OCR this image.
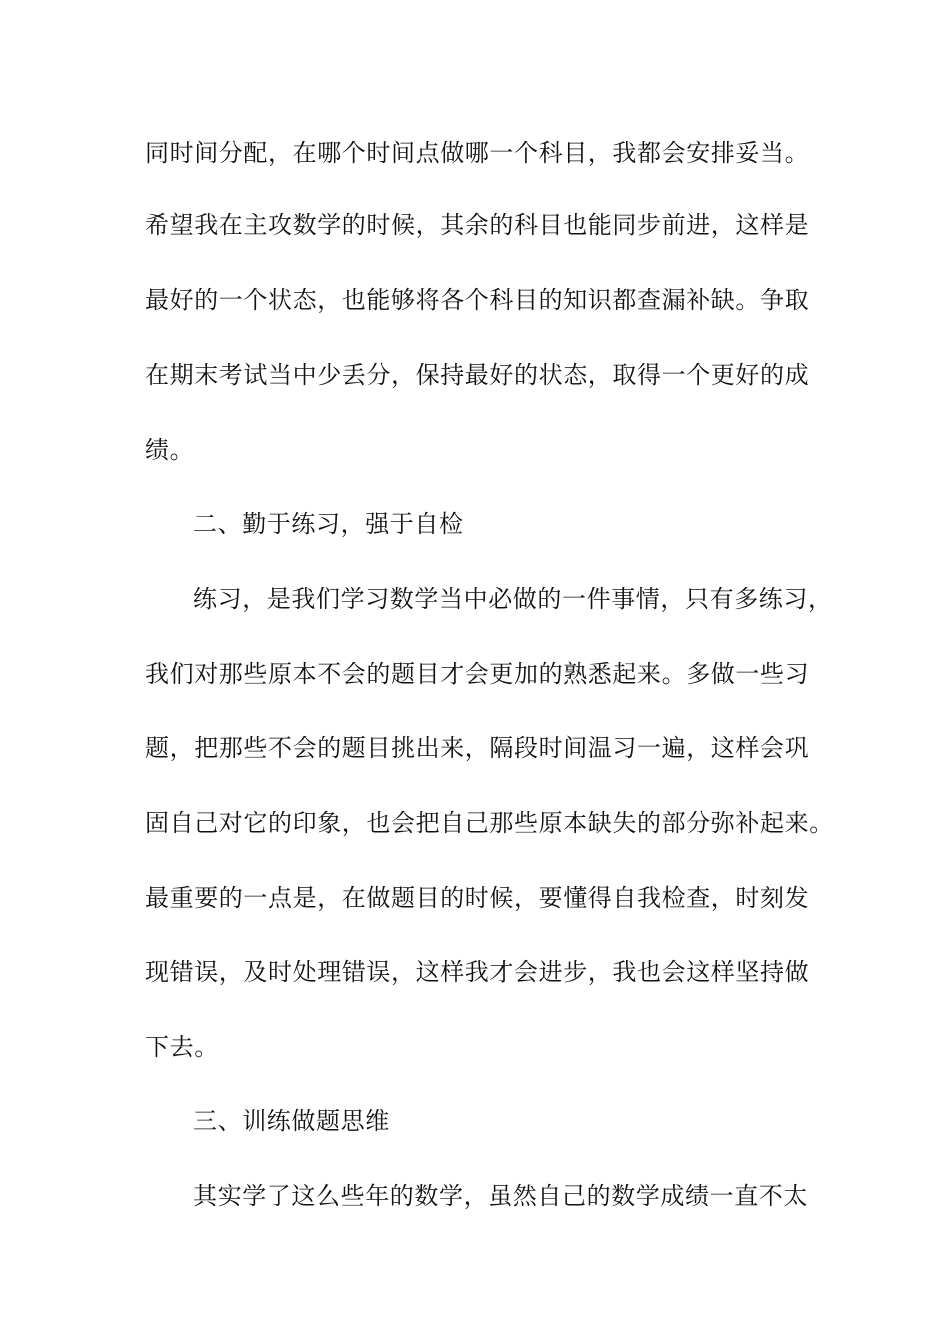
同时间分配，在哪个时间点做哪一个科目，我都会安排妥当。
希望我在主攻数学的时候，其余的科目也能同步前进，这样是
最好的一个状态，也能够将各个科目的知识都查漏补缺。争取
在期末考试当中少丢分，保持最好的状态，取得一个更好的成
绩。
二、勤于练习，强于自检
练习，是我们学习数学当中必做的一件事情，只有多练习，
我们对那些原本不会的题目才会更加的熟悉起来。多做一些习
题，把那些不会的题目挑出来，隔段时间温习一遍，这样会巩
固自己对它的印象，也会把自己那些原本缺失的部分弥补起来。
最重要的一点是，在做题目的时候，要懂得自我检查，时刻发
现错误，及时处理错误，这样我才会进步，我也会这样坚持做
下去。
三、训练做题思维
其实学了这么些年的数学，虽然自己的数学成绩一直不太
